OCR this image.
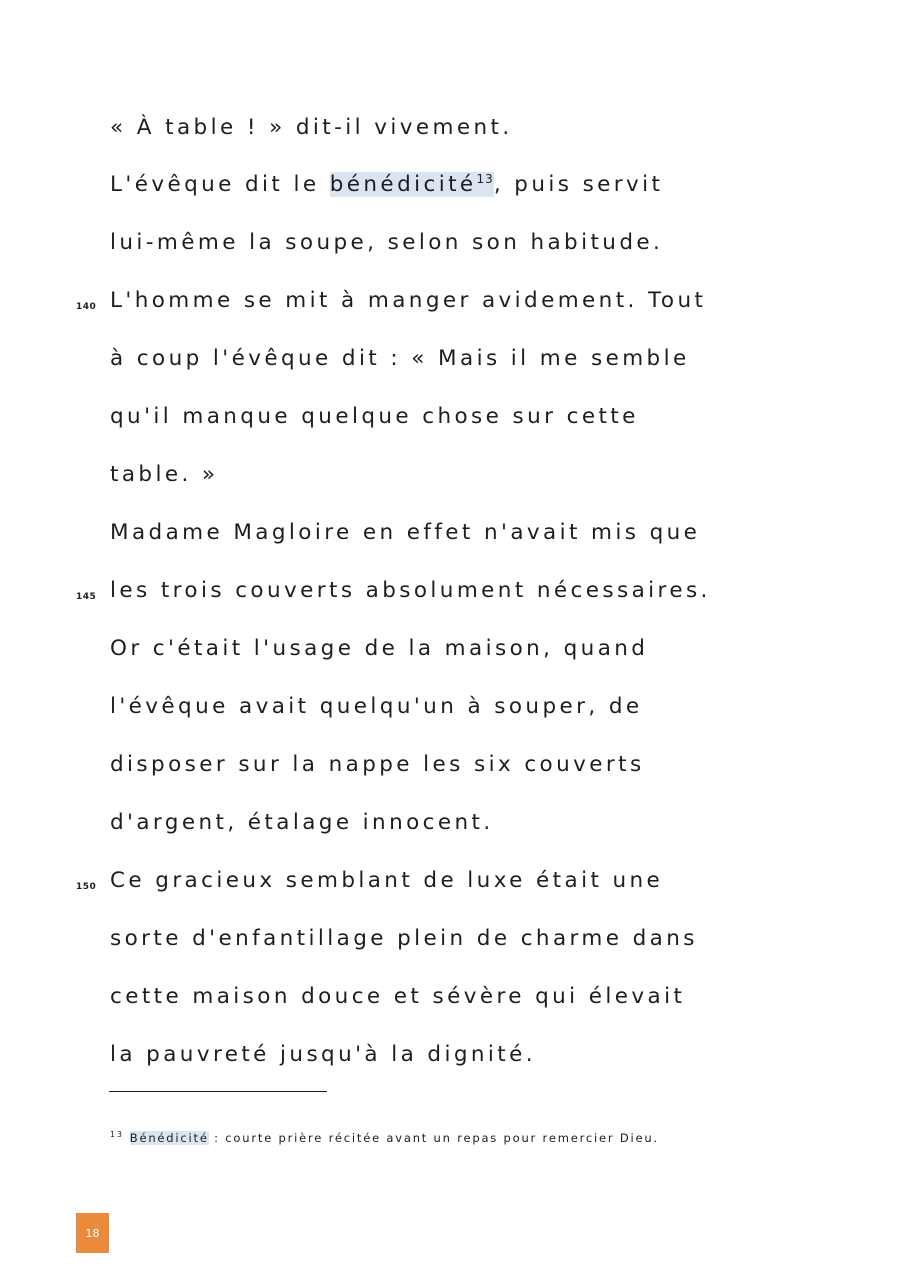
« À table ! » dit-il vivement.
L'évêque dit le bénédicité$^{13}$, puis servit
lui-même la soupe, selon son habitude.
140 L'homme se mit à manger avidement. Tout
à coup l'évêque dit : « Mais il me semble
qu'il manque quelque chose sur cette
table. »
Madame Magloire en effet n'avait mis que
145 les trois couverts absolument nécessaires.
Or c'était l'usage de la maison, quand
l'évêque avait quelqu'un à souper, de
disposer sur la nappe les six couverts
d'argent, étalage innocent.
150 Ce gracieux semblant de luxe était une
sorte d'enfantillage plein de charme dans
cette maison douce et sévère qui élevait
la pauvreté jusqu'à la dignité.
$^{13}$ Bénédicité : courte prière récitée avant un repas pour remercier Dieu.
18
